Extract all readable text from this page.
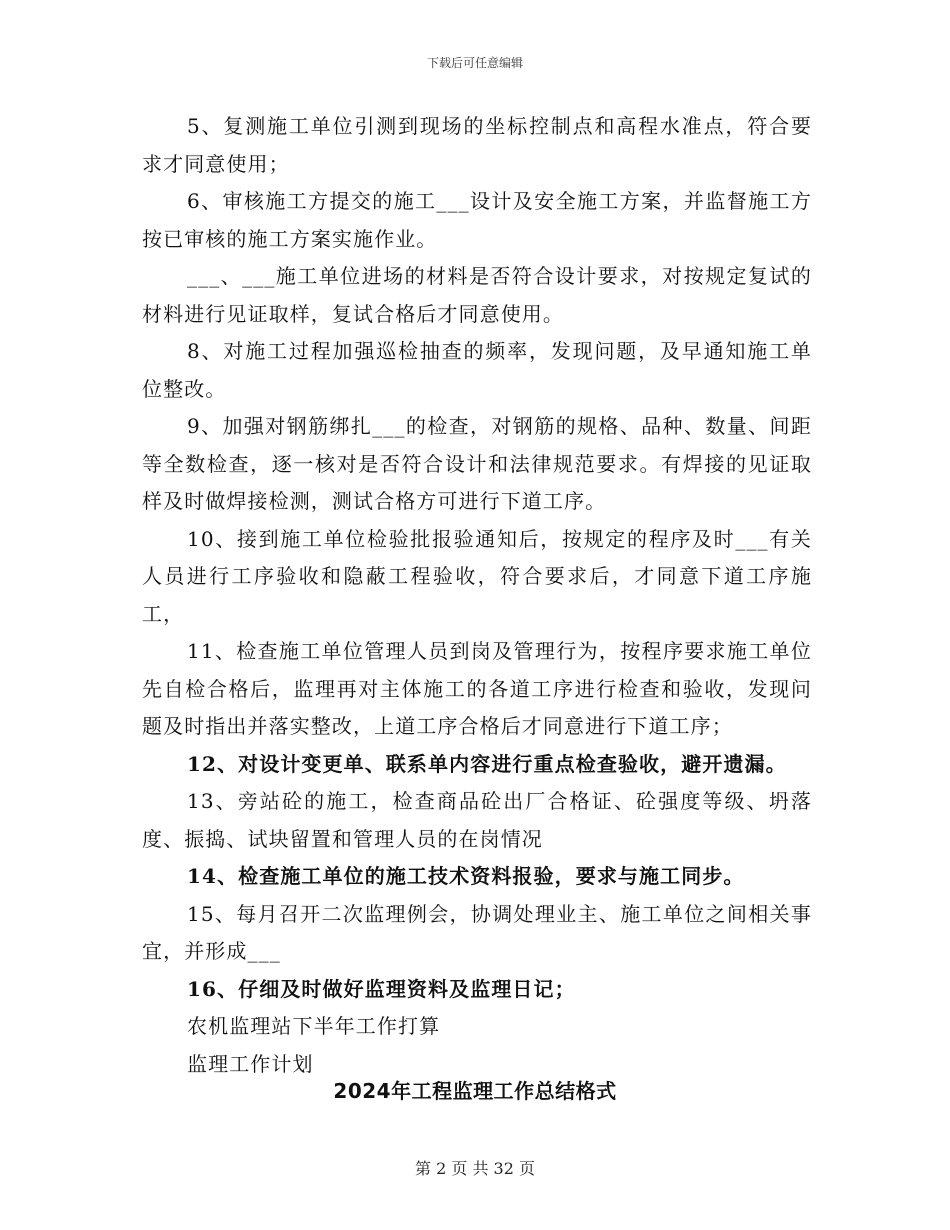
下载后可任意编辑

5、复测施工单位引测到现场的坐标控制点和高程水准点，符合要求才同意使用；

6、审核施工方提交的施工___设计及安全施工方案，并监督施工方按已审核的施工方案实施作业。

___、___施工单位进场的材料是否符合设计要求，对按规定复试的材料进行见证取样，复试合格后才同意使用。

8、对施工过程加强巡检抽查的频率，发现问题，及早通知施工单位整改。

9、加强对钢筋绑扎___的检查，对钢筋的规格、品种、数量、间距等全数检查，逐一核对是否符合设计和法律规范要求。有焊接的见证取样及时做焊接检测，测试合格方可进行下道工序。

10、接到施工单位检验批报验通知后，按规定的程序及时___有关人员进行工序验收和隐蔽工程验收，符合要求后，才同意下道工序施工，

11、检查施工单位管理人员到岗及管理行为，按程序要求施工单位先自检合格后，监理再对主体施工的各道工序进行检查和验收，发现问题及时指出并落实整改，上道工序合格后才同意进行下道工序；

12、对设计变更单、联系单内容进行重点检查验收，避开遗漏。

13、旁站砼的施工，检查商品砼出厂合格证、砼强度等级、坍落度、振捣、试块留置和管理人员的在岗情况

14、检查施工单位的施工技术资料报验，要求与施工同步。

15、每月召开二次监理例会，协调处理业主、施工单位之间相关事宜，并形成___

16、仔细及时做好监理资料及监理日记；

农机监理站下半年工作打算

监理工作计划

2024年工程监理工作总结格式
第 2 页 共 32 页
